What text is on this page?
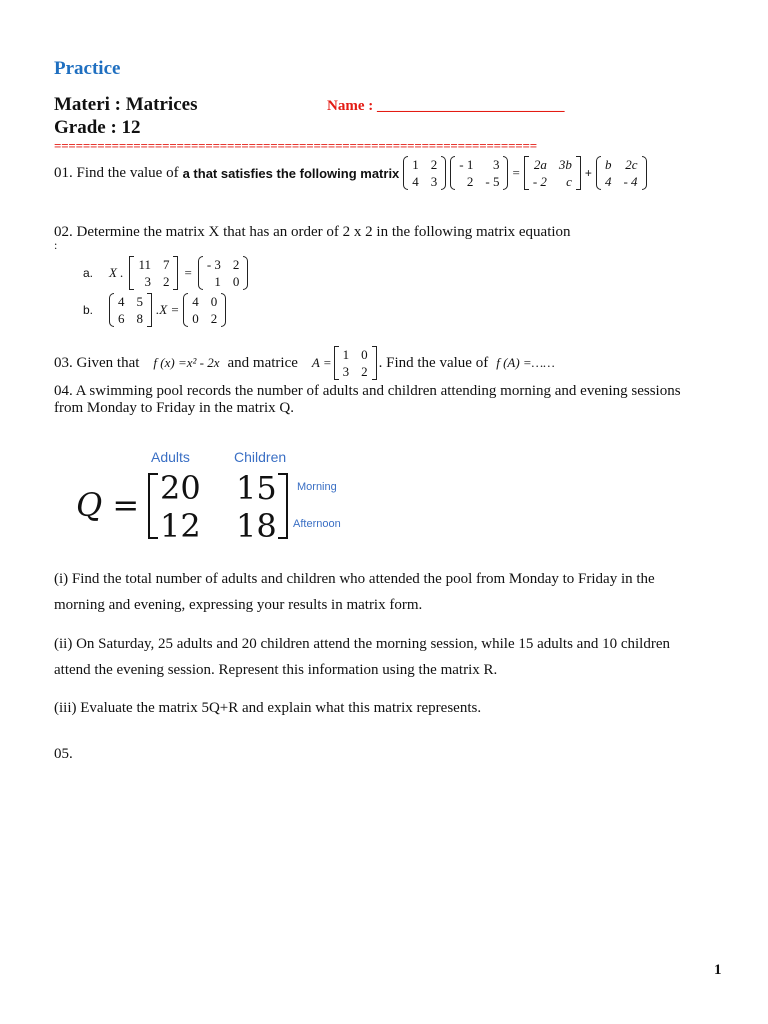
Practice
Materi : Matrices
Grade : 12
Name : _________________________
===================================================================
01. Find the value of a that satisfies the following matrix
1 2
4 3
- 1	3
2 - 5
=
2a 3b
- 2	c
+
b 2c
4 - 4
02. Determine the matrix X that has an order of 2 x 2 in the following matrix equation
:
a.	X .
11 7
3 2
=
- 3 2
1 0
b.
4 5
6 8
.X =
4 0
0 2
03. Given that f (x) =x² - 2x and matrice A =
1 0
3 2
. Find the value of f (A) =……
04. A swimming pool records the number of adults and children attending morning and evening sessions
from Monday to Friday in the matrix Q.
Adults	Children
Q = 20 15
12 18
Morning
Afternoon
(i) Find the total number of adults and children who attended the pool from Monday to Friday in the
morning and evening, expressing your results in matrix form.
(ii) On Saturday, 25 adults and 20 children attend the morning session, while 15 adults and 10 children
attend the evening session. Represent this information using the matrix R.
(iii) Evaluate the matrix 5Q+R and explain what this matrix represents.
05.
1
